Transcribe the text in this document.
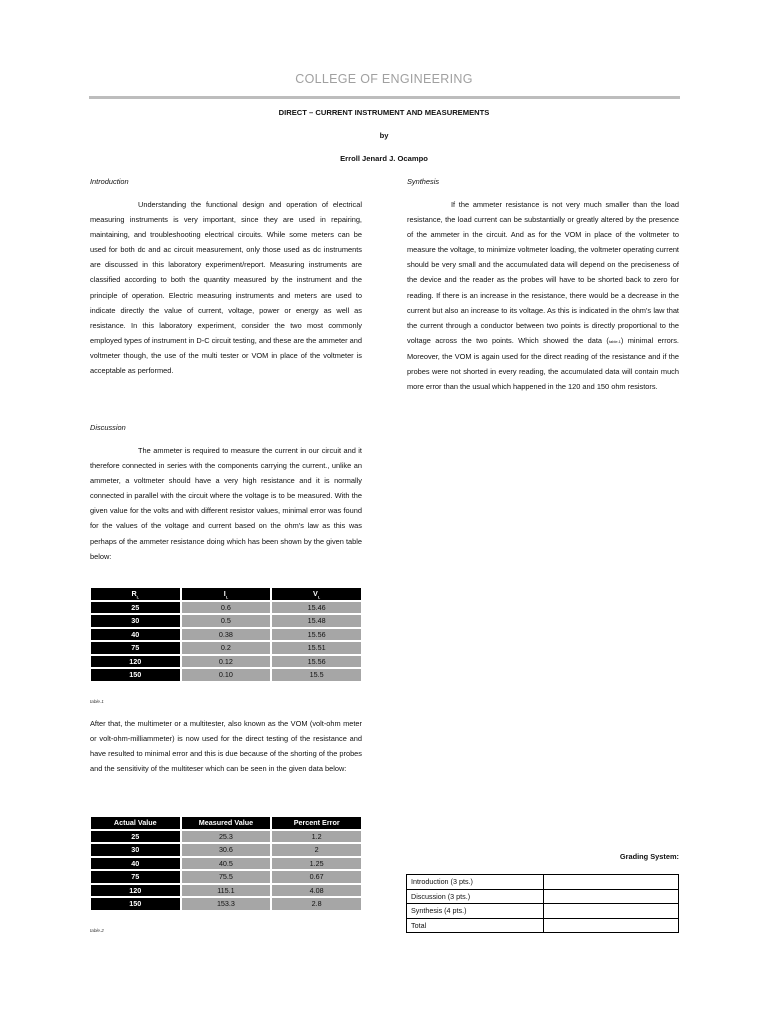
COLLEGE OF ENGINEERING
DIRECT – CURRENT INSTRUMENT AND MEASUREMENTS
by
Erroll Jenard J. Ocampo
Introduction
Understanding the functional design and operation of electrical measuring instruments is very important, since they are used in repairing, maintaining, and troubleshooting electrical circuits. While some meters can be used for both dc and ac circuit measurement, only those used as dc instruments are discussed in this laboratory experiment/report. Measuring instruments are classified according to both the quantity measured by the instrument and the principle of operation. Electric measuring instruments and meters are used to indicate directly the value of current, voltage, power or energy as well as resistance. In this laboratory experiment, consider the two most commonly employed types of instrument in D-C circuit testing, and these are the ammeter and voltmeter though, the use of the multi tester or VOM in place of the voltmeter is acceptable as performed.
Discussion
The ammeter is required to measure the current in our circuit and it therefore connected in series with the components carrying the current., unlike an ammeter, a voltmeter should have a very high resistance and it is normally connected in parallel with the circuit where the voltage is to be measured. With the given value for the volts and with different resistor values, minimal error was found for the values of the voltage and current based on the ohm's law as this was perhaps of the ammeter resistance doing which has been shown by the given table below:
$R_L$	$I_L$	$V_L$
25	0.6	15.46
30	0.5	15.48
40	0.38	15.56
75	0.2	15.51
120	0.12	15.56
150	0.10	15.5
table.1
After that, the multimeter or a multitester, also known as the VOM (volt-ohm meter or volt-ohm-milliammeter) is now used for the direct testing of the resistance and have resulted to minimal error and this is due because of the shorting of the probes and the sensitivity of the multiteser which can be seen in the given data below:
Actual Value	Measured Value	Percent Error
25	25.3	1.2
30	30.6	2
40	40.5	1.25
75	75.5	0.67
120	115.1	4.08
150	153.3	2.8
table.2
Synthesis
If the ammeter resistance is not very much smaller than the load resistance, the load current can be substantially or greatly altered by the presence of the ammeter in the circuit. And as for the VOM in place of the voltmeter to measure the voltage, to minimize voltmeter loading, the voltmeter operating current should be very small and the accumulated data will depend on the preciseness of the device and the reader as the probes will have to be shorted back to zero for reading. If there is an increase in the resistance, there would be a decrease in the current but also an increase to its voltage. As this is indicated in the ohm's law that the current through a conductor between two points is directly proportional to the voltage across the two points. Which showed the data (table.1) minimal errors. Moreover, the VOM is again used for the direct reading of the resistance and if the probes were not shorted in every reading, the accumulated data will contain much more error than the usual which happened in the 120 and 150 ohm resistors.
Grading System:
Introduction (3 pts.)	
Discussion (3 pts.)	
Synthesis (4 pts.)	
Total	
